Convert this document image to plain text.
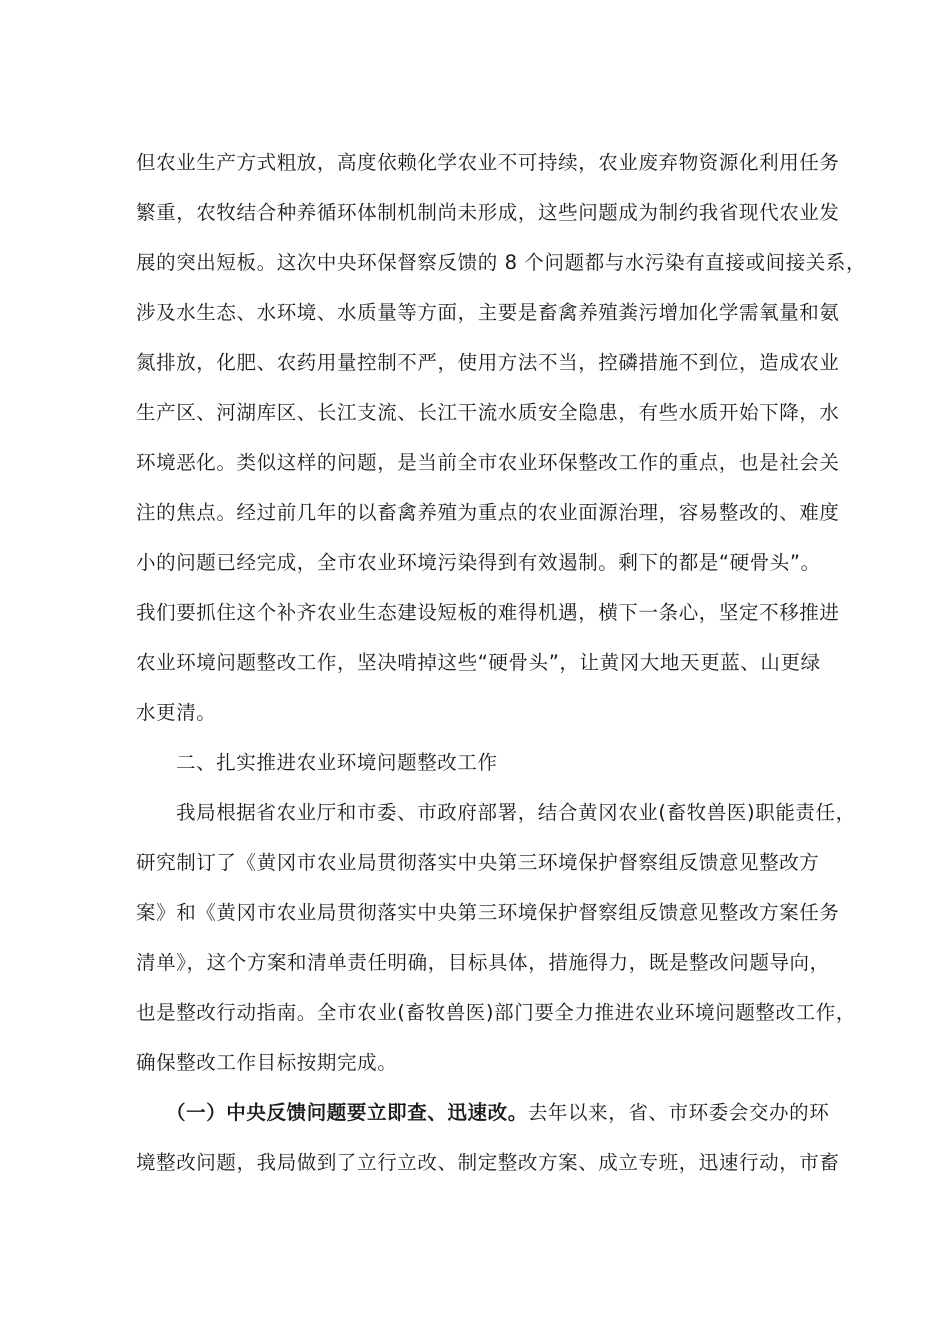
但农业生产方式粗放，高度依赖化学农业不可持续，农业废弃物资源化利用任务
繁重，农牧结合种养循环体制机制尚未形成，这些问题成为制约我省现代农业发
展的突出短板。这次中央环保督察反馈的 8 个问题都与水污染有直接或间接关系，
涉及水生态、水环境、水质量等方面，主要是畜禽养殖粪污增加化学需氧量和氨
氮排放，化肥、农药用量控制不严，使用方法不当，控磷措施不到位，造成农业
生产区、河湖库区、长江支流、长江干流水质安全隐患，有些水质开始下降，水
环境恶化。类似这样的问题，是当前全市农业环保整改工作的重点，也是社会关
注的焦点。经过前几年的以畜禽养殖为重点的农业面源治理，容易整改的、难度
小的问题已经完成，全市农业环境污染得到有效遏制。剩下的都是“硬骨头”。
我们要抓住这个补齐农业生态建设短板的难得机遇，横下一条心，坚定不移推进
农业环境问题整改工作，坚决啃掉这些“硬骨头”，让黄冈大地天更蓝、山更绿
水更清。
二、扎实推进农业环境问题整改工作
我局根据省农业厅和市委、市政府部署，结合黄冈农业(畜牧兽医)职能责任，
研究制订了《黄冈市农业局贯彻落实中央第三环境保护督察组反馈意见整改方
案》和《黄冈市农业局贯彻落实中央第三环境保护督察组反馈意见整改方案任务
清单》，这个方案和清单责任明确，目标具体，措施得力，既是整改问题导向，
也是整改行动指南。全市农业(畜牧兽医)部门要全力推进农业环境问题整改工作，
确保整改工作目标按期完成。
（一）中央反馈问题要立即查、迅速改。去年以来，省、市环委会交办的环
境整改问题，我局做到了立行立改、制定整改方案、成立专班，迅速行动，市畜
